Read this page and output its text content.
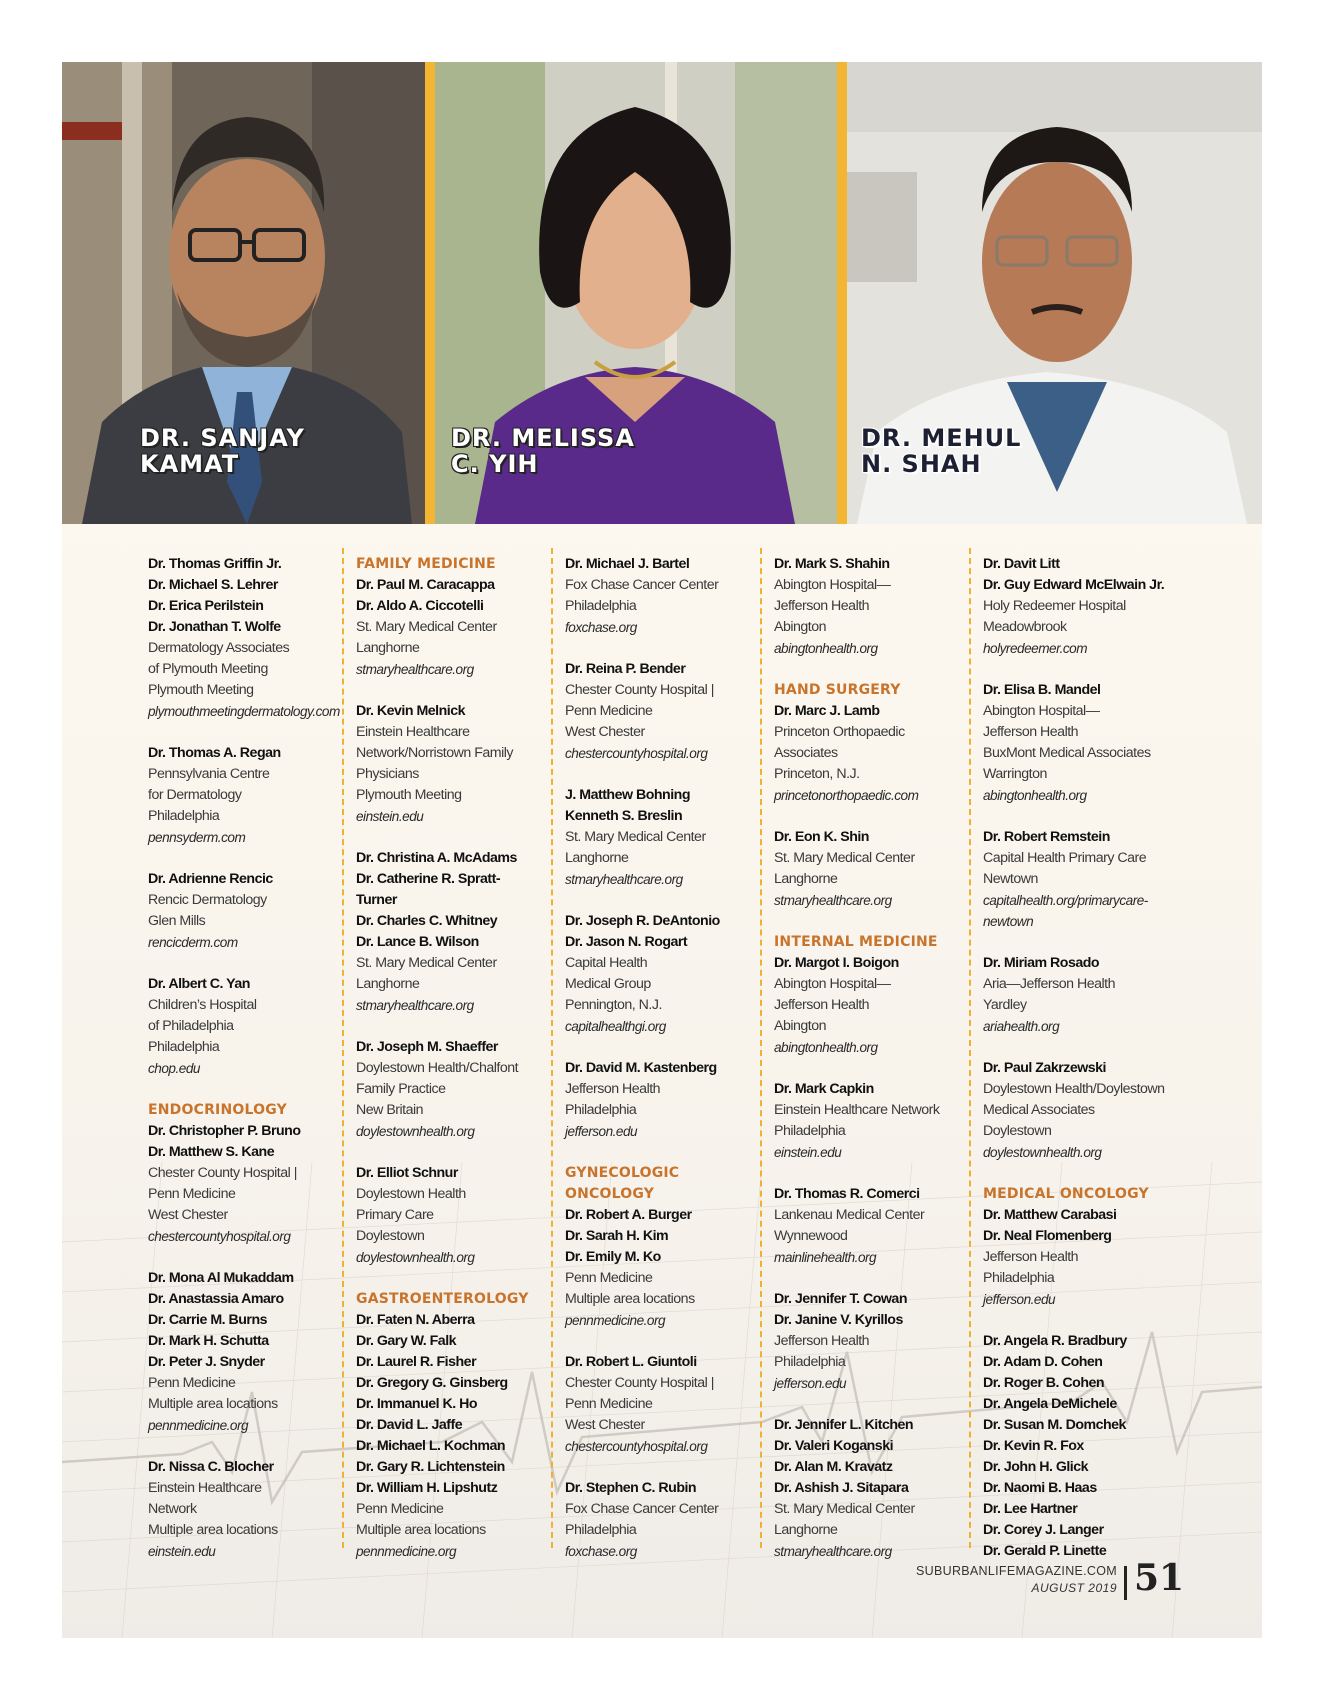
DR. SANJAY
KAMAT

DR. MELISSA
C. YIH

DR. MEHUL
N. SHAH

Dr. Thomas Griffin Jr.
Dr. Michael S. Lehrer
Dr. Erica Perilstein
Dr. Jonathan T. Wolfe
Dermatology Associates
of Plymouth Meeting
Plymouth Meeting
plymouthmeetingdermatology.com
Dr. Thomas A. Regan
Pennsylvania Centre
for Dermatology
Philadelphia
pennsyderm.com
Dr. Adrienne Rencic
Rencic Dermatology
Glen Mills
rencicderm.com
Dr. Albert C. Yan
Children’s Hospital
of Philadelphia
Philadelphia
chop.edu
ENDOCRINOLOGY
Dr. Christopher P. Bruno
Dr. Matthew S. Kane
Chester County Hospital |
Penn Medicine
West Chester
chestercountyhospital.org
Dr. Mona Al Mukaddam
Dr. Anastassia Amaro
Dr. Carrie M. Burns
Dr. Mark H. Schutta
Dr. Peter J. Snyder
Penn Medicine
Multiple area locations
pennmedicine.org
Dr. Nissa C. Blocher
Einstein Healthcare
Network
Multiple area locations
einstein.edu
FAMILY MEDICINE
Dr. Paul M. Caracappa
Dr. Aldo A. Ciccotelli
St. Mary Medical Center
Langhorne
stmaryhealthcare.org
Dr. Kevin Melnick
Einstein Healthcare
Network/Norristown Family
Physicians
Plymouth Meeting
einstein.edu
Dr. Christina A. McAdams
Dr. Catherine R. Spratt-
Turner
Dr. Charles C. Whitney
Dr. Lance B. Wilson
St. Mary Medical Center
Langhorne
stmaryhealthcare.org
Dr. Joseph M. Shaeffer
Doylestown Health/Chalfont
Family Practice
New Britain
doylestownhealth.org
Dr. Elliot Schnur
Doylestown Health
Primary Care
Doylestown
doylestownhealth.org
GASTROENTEROLOGY
Dr. Faten N. Aberra
Dr. Gary W. Falk
Dr. Laurel R. Fisher
Dr. Gregory G. Ginsberg
Dr. Immanuel K. Ho
Dr. David L. Jaffe
Dr. Michael L. Kochman
Dr. Gary R. Lichtenstein
Dr. William H. Lipshutz
Penn Medicine
Multiple area locations
pennmedicine.org
Dr. Michael J. Bartel
Fox Chase Cancer Center
Philadelphia
foxchase.org
Dr. Reina P. Bender
Chester County Hospital |
Penn Medicine
West Chester
chestercountyhospital.org
J. Matthew Bohning
Kenneth S. Breslin
St. Mary Medical Center
Langhorne
stmaryhealthcare.org
Dr. Joseph R. DeAntonio
Dr. Jason N. Rogart
Capital Health
Medical Group
Pennington, N.J.
capitalhealthgi.org
Dr. David M. Kastenberg
Jefferson Health
Philadelphia
jefferson.edu
GYNECOLOGIC
ONCOLOGY
Dr. Robert A. Burger
Dr. Sarah H. Kim
Dr. Emily M. Ko
Penn Medicine
Multiple area locations
pennmedicine.org
Dr. Robert L. Giuntoli
Chester County Hospital |
Penn Medicine
West Chester
chestercountyhospital.org
Dr. Stephen C. Rubin
Fox Chase Cancer Center
Philadelphia
foxchase.org
Dr. Mark S. Shahin
Abington Hospital—
Jefferson Health
Abington
abingtonhealth.org
HAND SURGERY
Dr. Marc J. Lamb
Princeton Orthopaedic
Associates
Princeton, N.J.
princetonorthopaedic.com
Dr. Eon K. Shin
St. Mary Medical Center
Langhorne
stmaryhealthcare.org
INTERNAL MEDICINE
Dr. Margot I. Boigon
Abington Hospital—
Jefferson Health
Abington
abingtonhealth.org
Dr. Mark Capkin
Einstein Healthcare Network
Philadelphia
einstein.edu
Dr. Thomas R. Comerci
Lankenau Medical Center
Wynnewood
mainlinehealth.org
Dr. Jennifer T. Cowan
Dr. Janine V. Kyrillos
Jefferson Health
Philadelphia
jefferson.edu
Dr. Jennifer L. Kitchen
Dr. Valeri Koganski
Dr. Alan M. Kravatz
Dr. Ashish J. Sitapara
St. Mary Medical Center
Langhorne
stmaryhealthcare.org
Dr. Davit Litt
Dr. Guy Edward McElwain Jr.
Holy Redeemer Hospital
Meadowbrook
holyredeemer.com
Dr. Elisa B. Mandel
Abington Hospital—
Jefferson Health
BuxMont Medical Associates
Warrington
abingtonhealth.org
Dr. Robert Remstein
Capital Health Primary Care
Newtown
capitalhealth.org/primarycare-
newtown
Dr. Miriam Rosado
Aria—Jefferson Health
Yardley
ariahealth.org
Dr. Paul Zakrzewski
Doylestown Health/Doylestown
Medical Associates
Doylestown
doylestownhealth.org
MEDICAL ONCOLOGY
Dr. Matthew Carabasi
Dr. Neal Flomenberg
Jefferson Health
Philadelphia
jefferson.edu
Dr. Angela R. Bradbury
Dr. Adam D. Cohen
Dr. Roger B. Cohen
Dr. Angela DeMichele
Dr. Susan M. Domchek
Dr. Kevin R. Fox
Dr. John H. Glick
Dr. Naomi B. Haas
Dr. Lee Hartner
Dr. Corey J. Langer
Dr. Gerald P. Linette
SUBURBANLIFEMAGAZINE.COM
AUGUST 2019 51
